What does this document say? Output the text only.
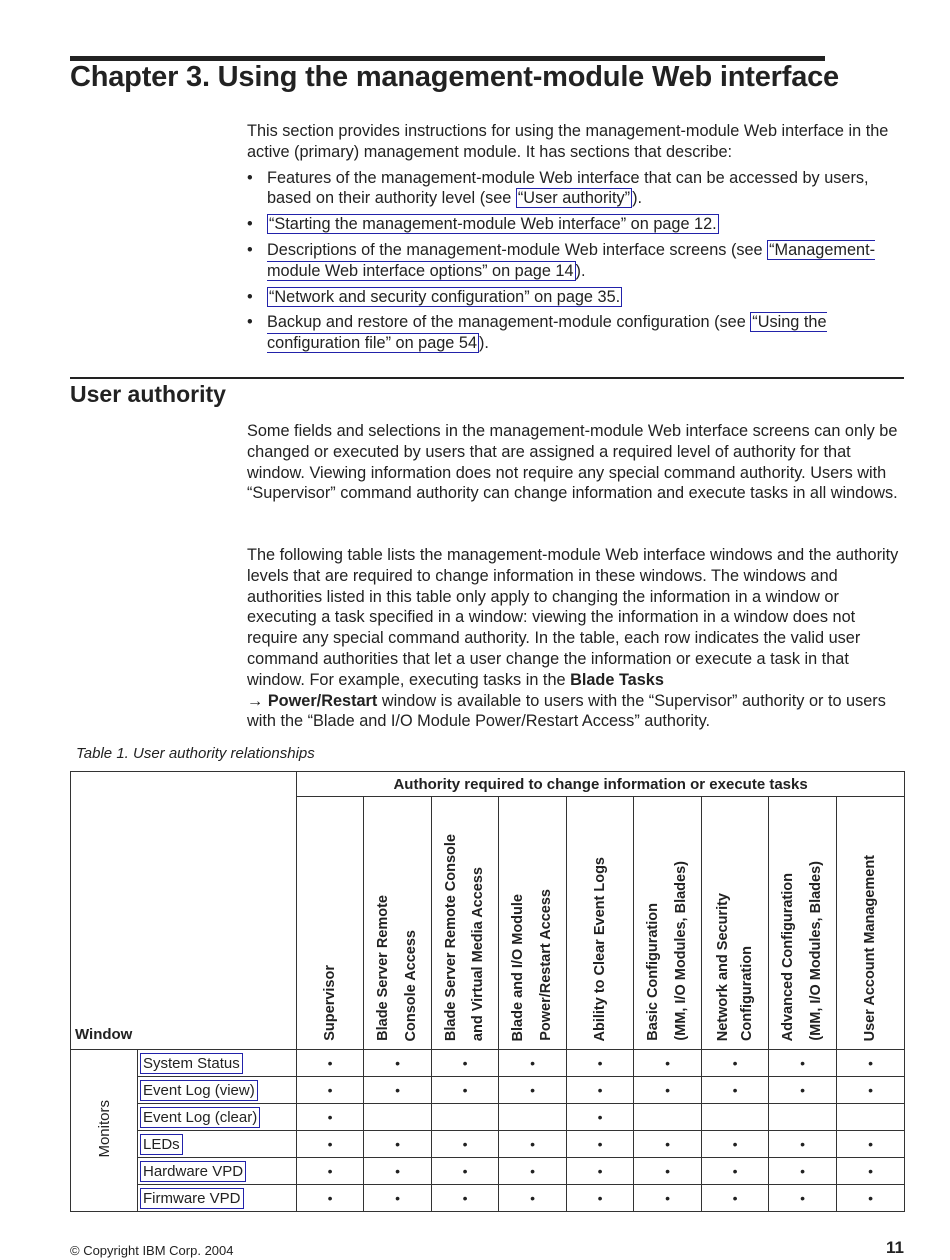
Chapter 3. Using the management-module Web interface

This section provides instructions for using the management-module Web interface in the active (primary) management module. It has sections that describe:

• Features of the management-module Web interface that can be accessed by users, based on their authority level (see “User authority” ).
• “Starting the management-module Web interface” on page 12.
• Descriptions of the management-module Web interface screens (see “Management-module Web interface options” on page 14 ).
• “Network and security configuration” on page 35.
• Backup and restore of the management-module configuration (see “Using the configuration file” on page 54 ).
User authority

Some fields and selections in the management-module Web interface screens can only be changed or executed by users that are assigned a required level of authority for that window. Viewing information does not require any special command authority. Users with “Supervisor” command authority can change information and execute tasks in all windows.

The following table lists the management-module Web interface windows and the authority levels that are required to change information in these windows. The windows and authorities listed in this table only apply to changing the information in a window or executing a task specified in a window: viewing the information in a window does not require any special command authority. In the table, each row indicates the valid user command authorities that let a user change the information or execute a task in that window. For example, executing tasks in the Blade Tasks
→ Power/Restart window is available to users with the “Supervisor” authority or to users with the “Blade and I/O Module Power/Restart Access” authority.

Table 1. User authority relationships
Window		Authority required to change information or execute tasks								

		Supervisor	Blade Server Remote Console Access	Blade Server Remote Console and Virtual Media Access	Blade and I/O Module Power/Restart Access	Ability to Clear Event Logs	Basic Configuration (MM, I/O Modules, Blades)	Network and Security Configuration	Advanced Configuration (MM, I/O Modules, Blades)	User Account Management

Monitors	System Status	•	•	•	•	•	•	•	•	•
	Event Log (view)	•	•	•	•	•	•	•	•	•
	Event Log (clear)	•				•				
	LEDs	•	•	•	•	•	•	•	•	•
	Hardware VPD	•	•	•	•	•	•	•	•	•
	Firmware VPD	•	•	•	•	•	•	•	•	•
© Copyright IBM Corp. 2004	11
